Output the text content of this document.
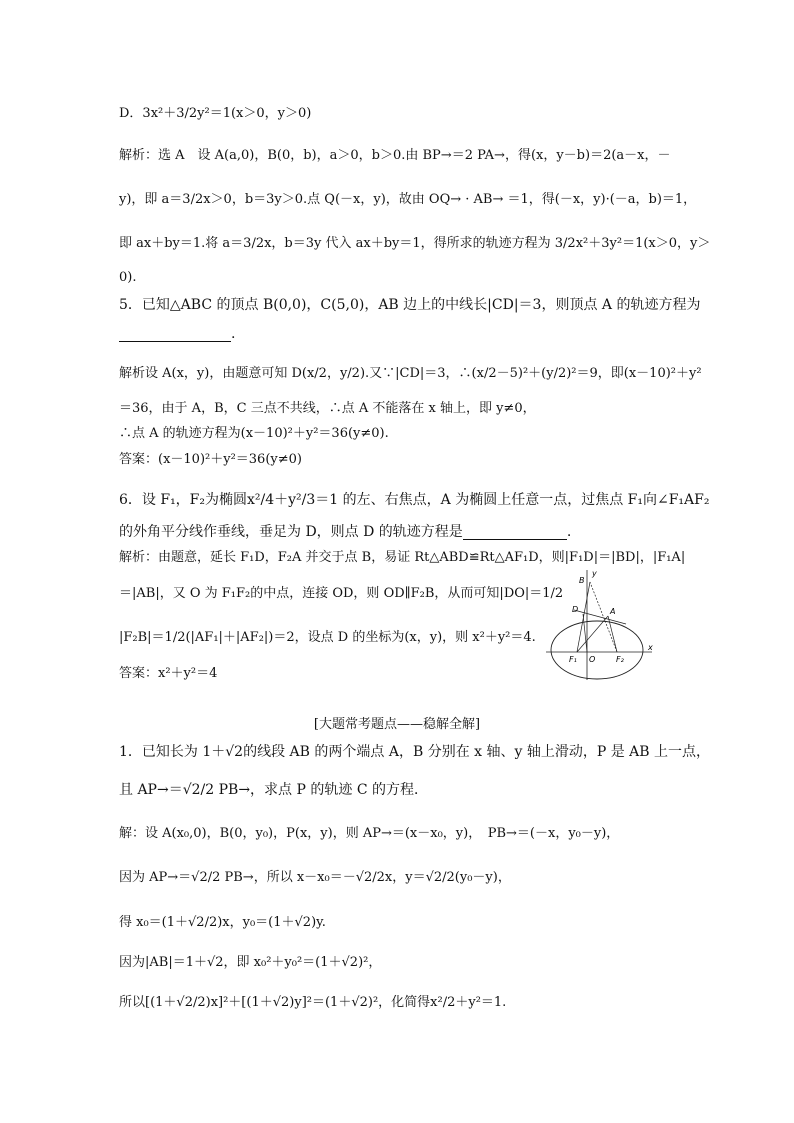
D．3x²＋3/2y²＝1(x＞0，y＞0)
解析：选 A　设 A(a,0)，B(0，b)，a＞0，b＞0.由 BP→＝2 PA→，得(x，y－b)＝2(a－x，－
y)，即 a＝3/2x＞0，b＝3y＞0.点 Q(－x，y)，故由 OQ→ · AB→ ＝1，得(－x，y)·(－a，b)＝1，
即 ax＋by＝1.将 a＝3/2x，b＝3y 代入 ax＋by＝1，得所求的轨迹方程为 3/2x²＋3y²＝1(x＞0，y＞
0).
5．已知△ABC 的顶点 B(0,0)，C(5,0)，AB 边上的中线长|CD|＝3，则顶点 A 的轨迹方程为
.
解析设 A(x，y)，由题意可知 D(x/2，y/2).又∵|CD|＝3，∴(x/2－5)²＋(y/2)²＝9，即(x－10)²＋y²
＝36，由于 A，B，C 三点不共线，∴点 A 不能落在 x 轴上，即 y≠0，
∴点 A 的轨迹方程为(x－10)²＋y²＝36(y≠0).
答案：(x－10)²＋y²＝36(y≠0)
6．设 F₁，F₂为椭圆x²/4＋y²/3＝1 的左、右焦点，A 为椭圆上任意一点，过焦点 F₁向∠F₁AF₂
的外角平分线作垂线，垂足为 D，则点 D 的轨迹方程是	.
解析：由题意，延长 F₁D，F₂A 并交于点 B，易证 Rt△ABD≌Rt△AF₁D，则|F₁D|＝|BD|，|F₁A|
＝|AB|，又 O 为 F₁F₂的中点，连接 OD，则 OD∥F₂B，从而可知|DO|＝1/2
|F₂B|＝1/2(|AF₁|＋|AF₂|)＝2，设点 D 的坐标为(x，y)，则 x²＋y²＝4.
答案：x²＋y²＝4
B
y
D	A
F₁ O	F₂
x
[大题常考题点——稳解全解]
1．已知长为 1＋√2的线段 AB 的两个端点 A，B 分别在 x 轴、y 轴上滑动，P 是 AB 上一点，
且 AP→＝√2/2 PB→，求点 P 的轨迹 C 的方程．
解：设 A(x₀,0)，B(0，y₀)，P(x，y)，则 AP→＝(x－x₀，y)，　PB→＝(－x，y₀－y)，
因为 AP→＝√2/2 PB→，所以 x－x₀＝－√2/2x，y＝√2/2(y₀－y)，
得 x₀＝(1＋√2/2)x，y₀＝(1＋√2)y.
因为|AB|＝1＋√2，即 x₀²＋y₀²＝(1＋√2)²，
所以[(1＋√2/2)x]²＋[(1＋√2)y]²＝(1＋√2)²，化简得x²/2＋y²＝1.
